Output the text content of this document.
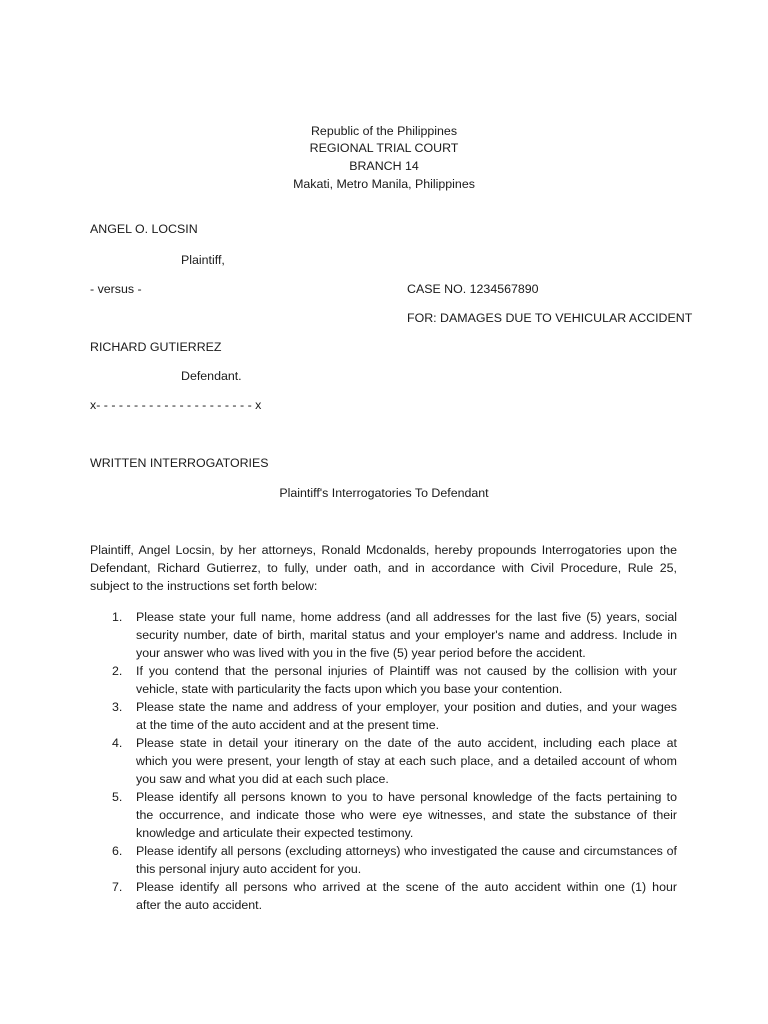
Republic of the Philippines
REGIONAL TRIAL COURT
BRANCH 14
Makati, Metro Manila, Philippines
ANGEL O. LOCSIN
Plaintiff,
- versus -	CASE NO. 1234567890
FOR: DAMAGES DUE TO VEHICULAR ACCIDENT
RICHARD GUTIERREZ
Defendant.
x- - - - - - - - - - - - - - - - - - - - - x
WRITTEN INTERROGATORIES
Plaintiff's Interrogatories To Defendant
Plaintiff, Angel Locsin, by her attorneys, Ronald Mcdonalds, hereby propounds Interrogatories upon the
Defendant, Richard Gutierrez, to fully, under oath, and in accordance with Civil Procedure, Rule 25,
subject to the instructions set forth below:
1. Please state your full name, home address (and all addresses for the last five (5) years, social
security number, date of birth, marital status and your employer's name and address. Include in
your answer who was lived with you in the five (5) year period before the accident.
2. If you contend that the personal injuries of Plaintiff was not caused by the collision with your
vehicle, state with particularity the facts upon which you base your contention.
3. Please state the name and address of your employer, your position and duties, and your wages
at the time of the auto accident and at the present time.
4. Please state in detail your itinerary on the date of the auto accident, including each place at
which you were present, your length of stay at each such place, and a detailed account of whom
you saw and what you did at each such place.
5. Please identify all persons known to you to have personal knowledge of the facts pertaining to
the occurrence, and indicate those who were eye witnesses, and state the substance of their
knowledge and articulate their expected testimony.
6. Please identify all persons (excluding attorneys) who investigated the cause and circumstances of
this personal injury auto accident for you.
7. Please identify all persons who arrived at the scene of the auto accident within one (1) hour
after the auto accident.
